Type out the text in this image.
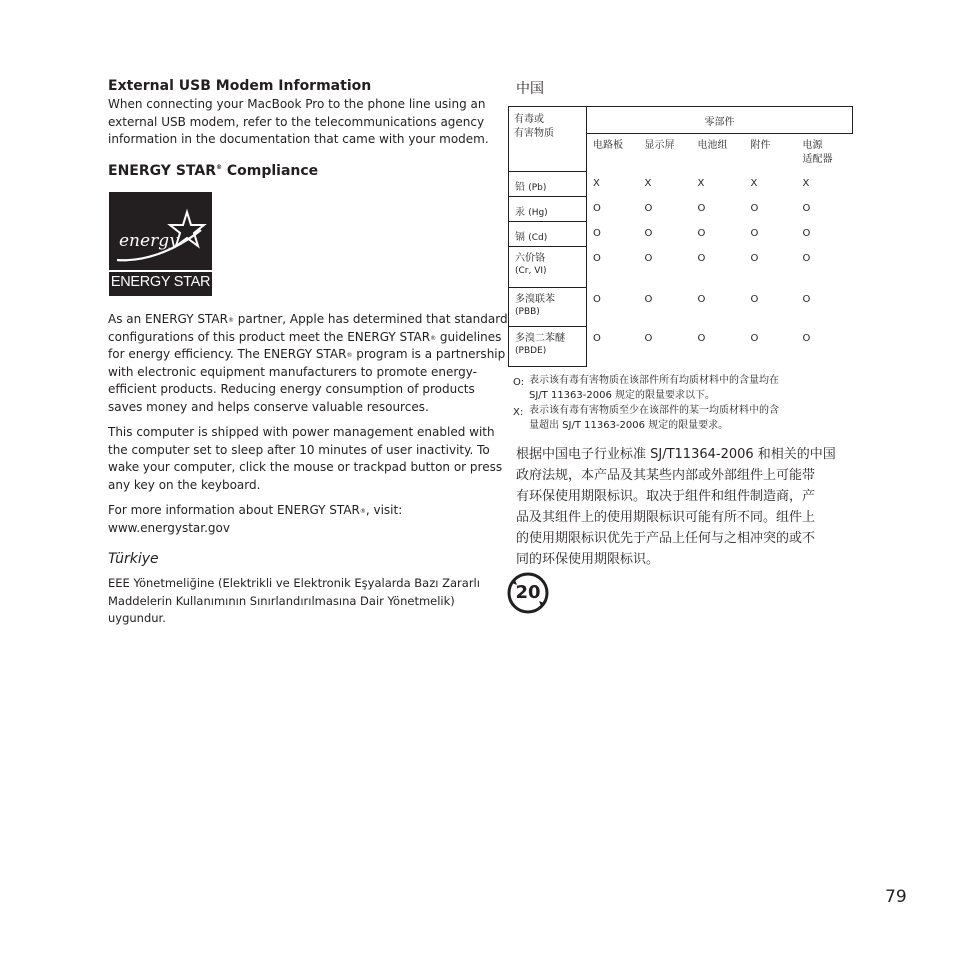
External USB Modem Information
When connecting your MacBook Pro to the phone line using an
external USB modem, refer to the telecommunications agency
information in the documentation that came with your modem.
ENERGY STAR® Compliance
energy
ENERGY STAR
As an ENERGY STAR® partner, Apple has determined that standard
configurations of this product meet the ENERGY STAR® guidelines
for energy efficiency. The ENERGY STAR® program is a partnership
with electronic equipment manufacturers to promote energy-
efficient products. Reducing energy consumption of products
saves money and helps conserve valuable resources.
This computer is shipped with power management enabled with
the computer set to sleep after 10 minutes of user inactivity. To
wake your computer, click the mouse or trackpad button or press
any key on the keyboard.
For more information about ENERGY STAR®, visit:
www.energystar.gov
Türkiye
EEE Yönetmeliğine (Elektrikli ve Elektronik Eşyalarda Bazı Zararlı
Maddelerin Kullanımının Sınırlandırılmasına Dair Yönetmelik)
uygundur.
中国
有毒或
有害物质	零部件				
	电路板	显示屏	电池组	附件	电源
适配器

铅 (Pb)	X	X	X	X	X
汞 (Hg)	O	O	O	O	O
镉 (Cd)	O	O	O	O	O

六价铬
(Cr, VI)	O	O	O	O	O

多溴联苯
(PBB)	O	O	O	O	O

多溴二苯醚
(PBDE)	O	O	O	O	O
O: 表示该有毒有害物质在该部件所有均质材料中的含量均在
SJ/T 11363-2006 规定的限量要求以下。
X: 表示该有毒有害物质至少在该部件的某一均质材料中的含
量超出 SJ/T 11363-2006 规定的限量要求。
根据中国电子行业标准 SJ/T11364-2006 和相关的中国
政府法规，本产品及其某些内部或外部组件上可能带
有环保使用期限标识。取决于组件和组件制造商，产
品及其组件上的使用期限标识可能有所不同。组件上
的使用期限标识优先于产品上任何与之相冲突的或不
同的环保使用期限标识。
20
79
